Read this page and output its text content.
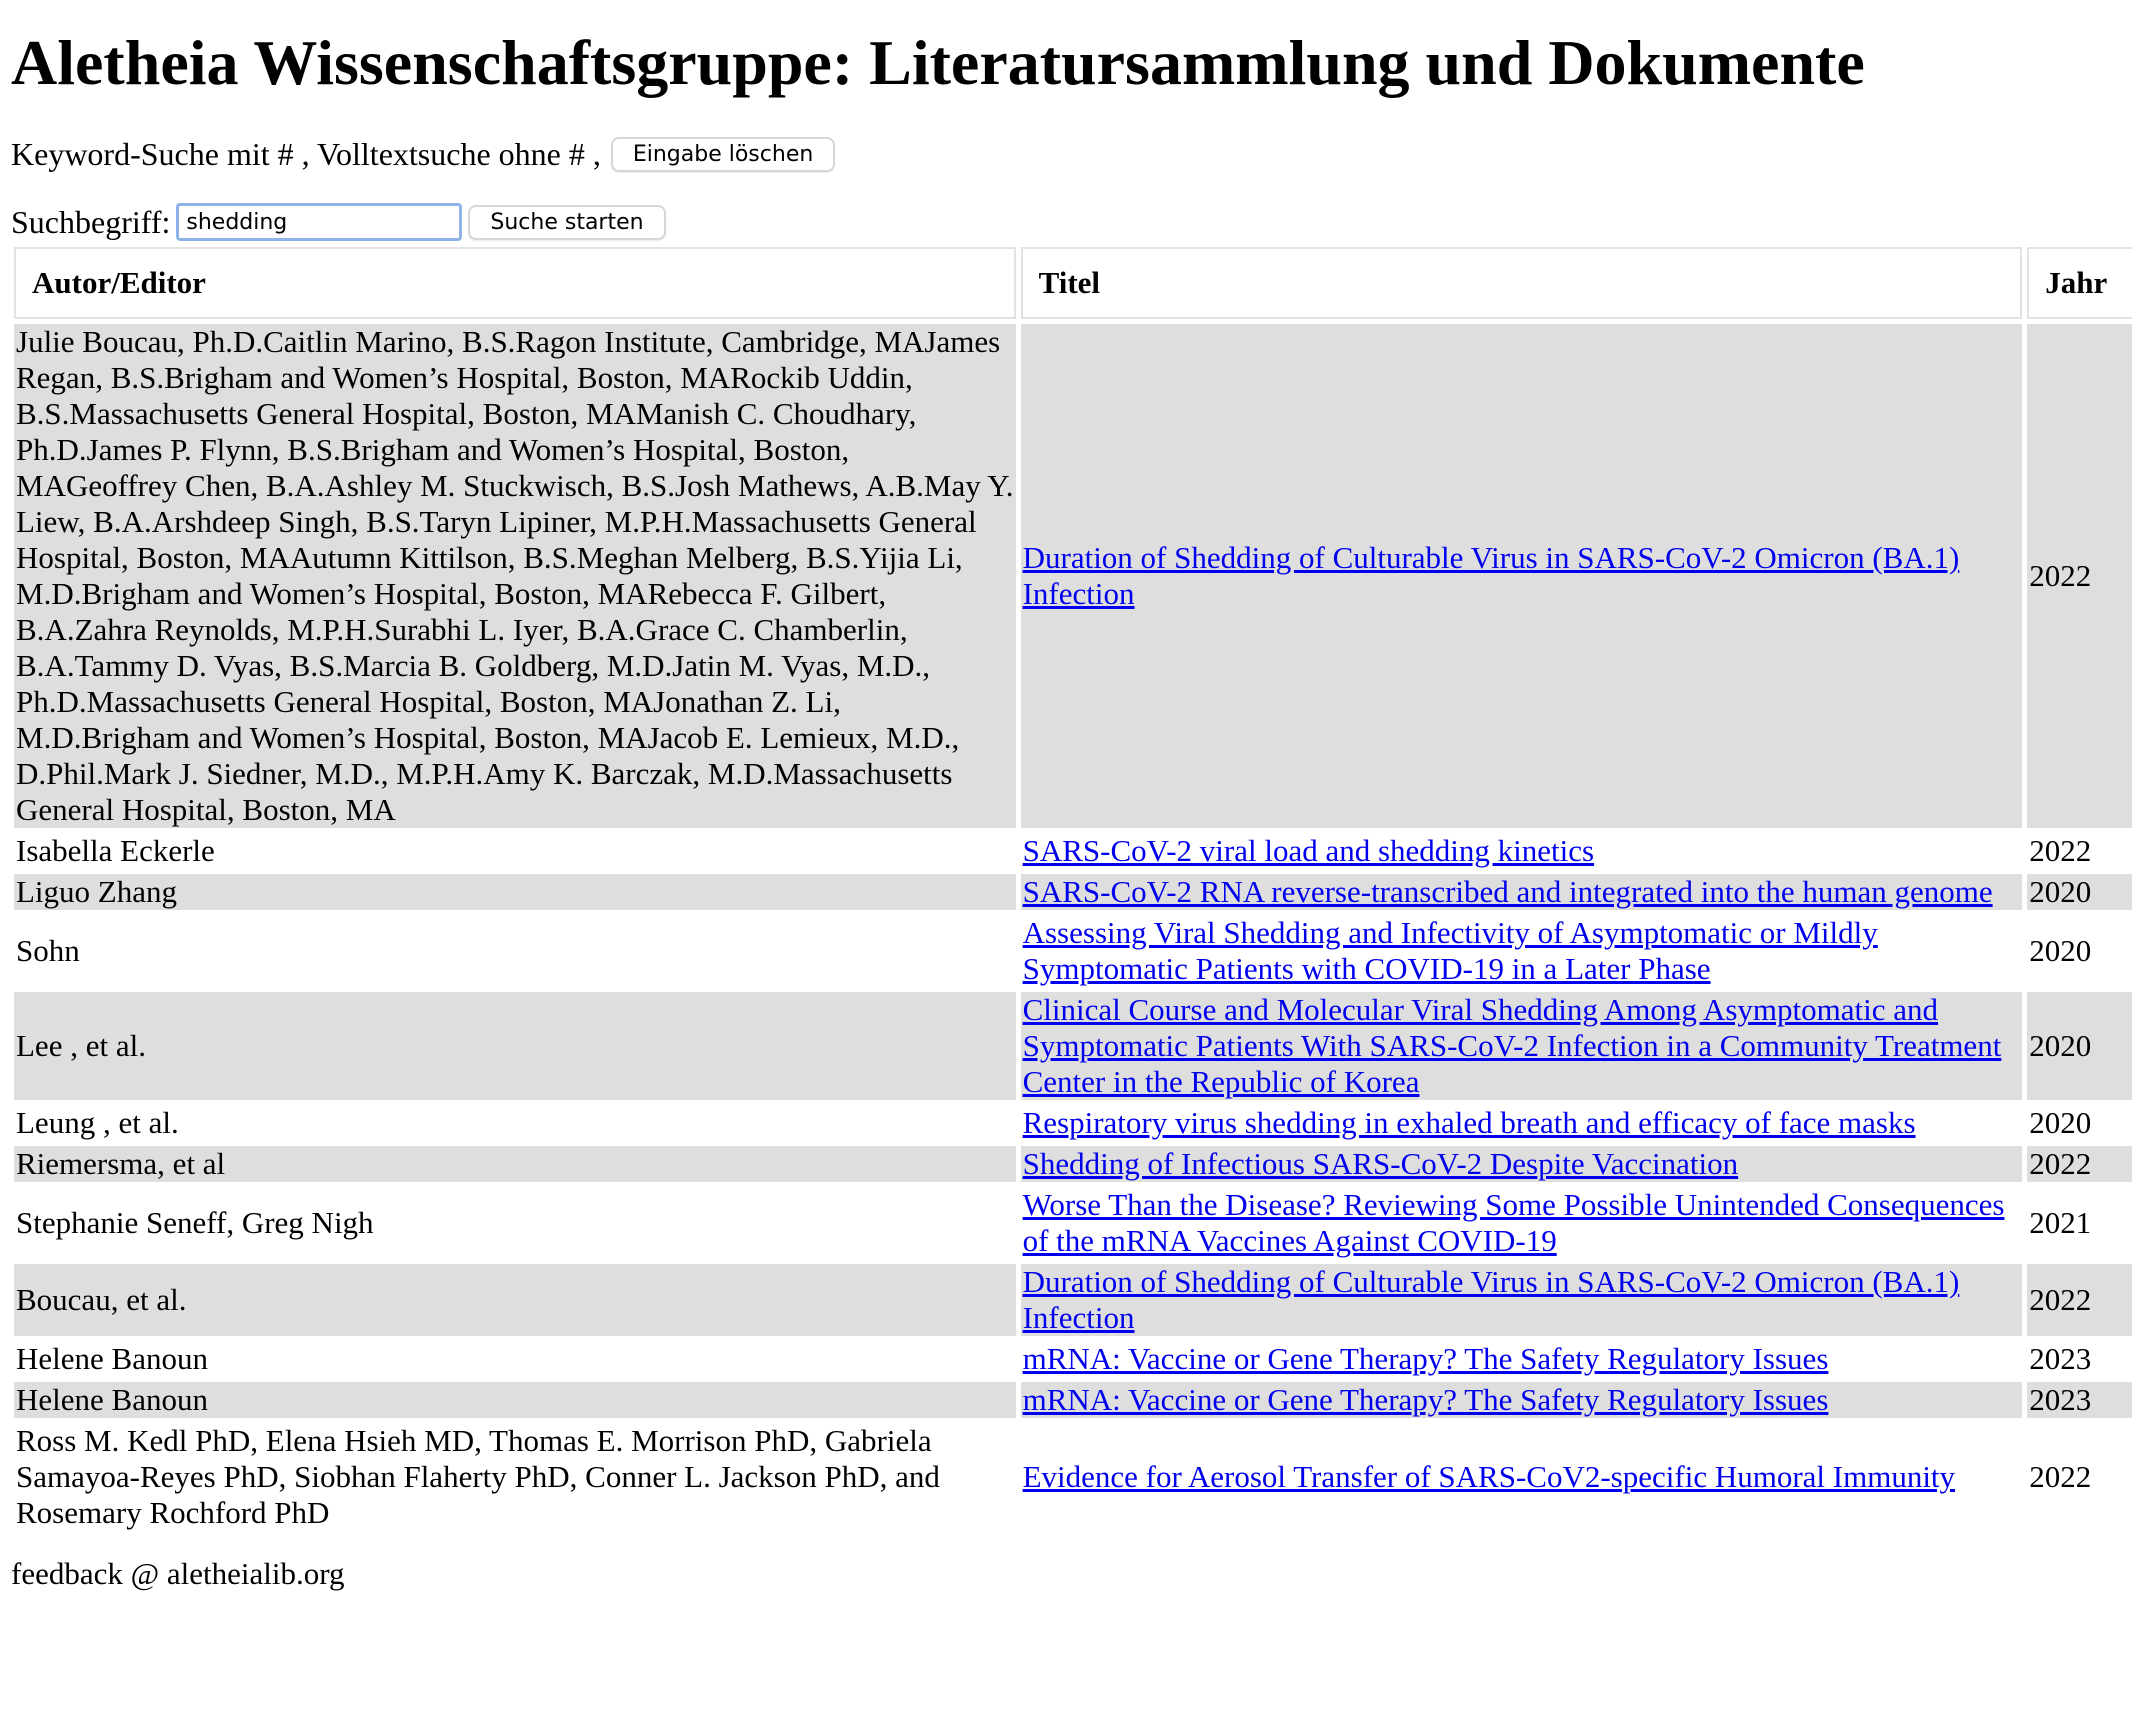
Aletheia Wissenschaftsgruppe: Literatursammlung und Dokumente
Keyword-Suche mit # , Volltextsuche ohne # ,	Eingabe löschen
Suchbegriff:
shedding	Suche starten
Autor/Editor	Titel	Jahr
Julie Boucau, Ph.D.Caitlin Marino, B.S.Ragon Institute, Cambridge, MAJames Regan, B.S.Brigham and Women’s Hospital, Boston, MARockib Uddin, B.S.Massachusetts General Hospital, Boston, MAManish C. Choudhary, Ph.D.James P. Flynn, B.S.Brigham and Women’s Hospital, Boston, MAGeoffrey Chen, B.A.Ashley M. Stuckwisch, B.S.Josh Mathews, A.B.May Y. Liew, B.A.Arshdeep Singh, B.S.Taryn Lipiner, M.P.H.Massachusetts General Hospital, Boston, MAAutumn Kittilson, B.S.Meghan Melberg, B.S.Yijia Li, M.D.Brigham and Women’s Hospital, Boston, MARebecca F. Gilbert, B.A.Zahra Reynolds, M.P.H.Surabhi L. Iyer, B.A.Grace C. Chamberlin, B.A.Tammy D. Vyas, B.S.Marcia B. Goldberg, M.D.Jatin M. Vyas, M.D., Ph.D.Massachusetts General Hospital, Boston, MAJonathan Z. Li, M.D.Brigham and Women’s Hospital, Boston, MAJacob E. Lemieux, M.D., D.Phil.Mark J. Siedner, M.D., M.P.H.Amy K. Barczak, M.D.Massachusetts General Hospital, Boston, MA	Duration of Shedding of Culturable Virus in SARS-CoV-2 Omicron (BA.1) Infection	2022
Isabella Eckerle	SARS-CoV-2 viral load and shedding kinetics	2022
Liguo Zhang	SARS-CoV-2 RNA reverse-transcribed and integrated into the human genome	2020
Sohn	Assessing Viral Shedding and Infectivity of Asymptomatic or Mildly Symptomatic Patients with COVID-19 in a Later Phase	2020
Lee , et al.	Clinical Course and Molecular Viral Shedding Among Asymptomatic and Symptomatic Patients With SARS-CoV-2 Infection in a Community Treatment Center in the Republic of Korea	2020
Leung , et al.	Respiratory virus shedding in exhaled breath and efficacy of face masks	2020
Riemersma, et al	Shedding of Infectious SARS-CoV-2 Despite Vaccination	2022
Stephanie Seneff, Greg Nigh	Worse Than the Disease? Reviewing Some Possible Unintended Consequences of the mRNA Vaccines Against COVID-19	2021
Boucau, et al.	Duration of Shedding of Culturable Virus in SARS-CoV-2 Omicron (BA.1) Infection	2022
Helene Banoun	mRNA: Vaccine or Gene Therapy? The Safety Regulatory Issues	2023
Helene Banoun	mRNA: Vaccine or Gene Therapy? The Safety Regulatory Issues	2023
Ross M. Kedl PhD, Elena Hsieh MD, Thomas E. Morrison PhD, Gabriela Samayoa-Reyes PhD, Siobhan Flaherty PhD, Conner L. Jackson PhD, and Rosemary Rochford PhD	Evidence for Aerosol Transfer of SARS-CoV2-specific Humoral Immunity	2022
feedback @ aletheialib.org
